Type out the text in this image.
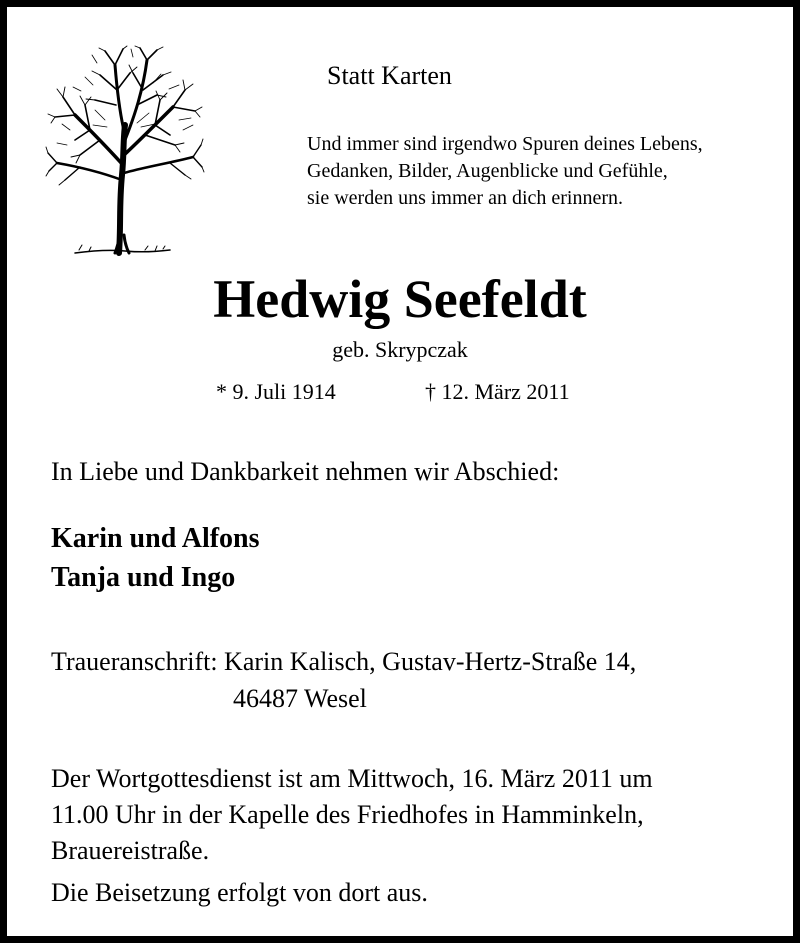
Statt Karten
Und immer sind irgendwo Spuren deines Lebens,
Gedanken, Bilder, Augenblicke und Gefühle,
sie werden uns immer an dich erinnern.
Hedwig Seefeldt
geb. Skrypczak
* 9. Juli 1914	† 12. März 2011
In Liebe und Dankbarkeit nehmen wir Abschied:
Karin und Alfons
Tanja und Ingo
Traueranschrift: Karin Kalisch, Gustav-Hertz-Straße 14,
46487 Wesel
Der Wortgottesdienst ist am Mittwoch, 16. März 2011 um
11.00 Uhr in der Kapelle des Friedhofes in Hamminkeln,
Brauereistraße.
Die Beisetzung erfolgt von dort aus.
